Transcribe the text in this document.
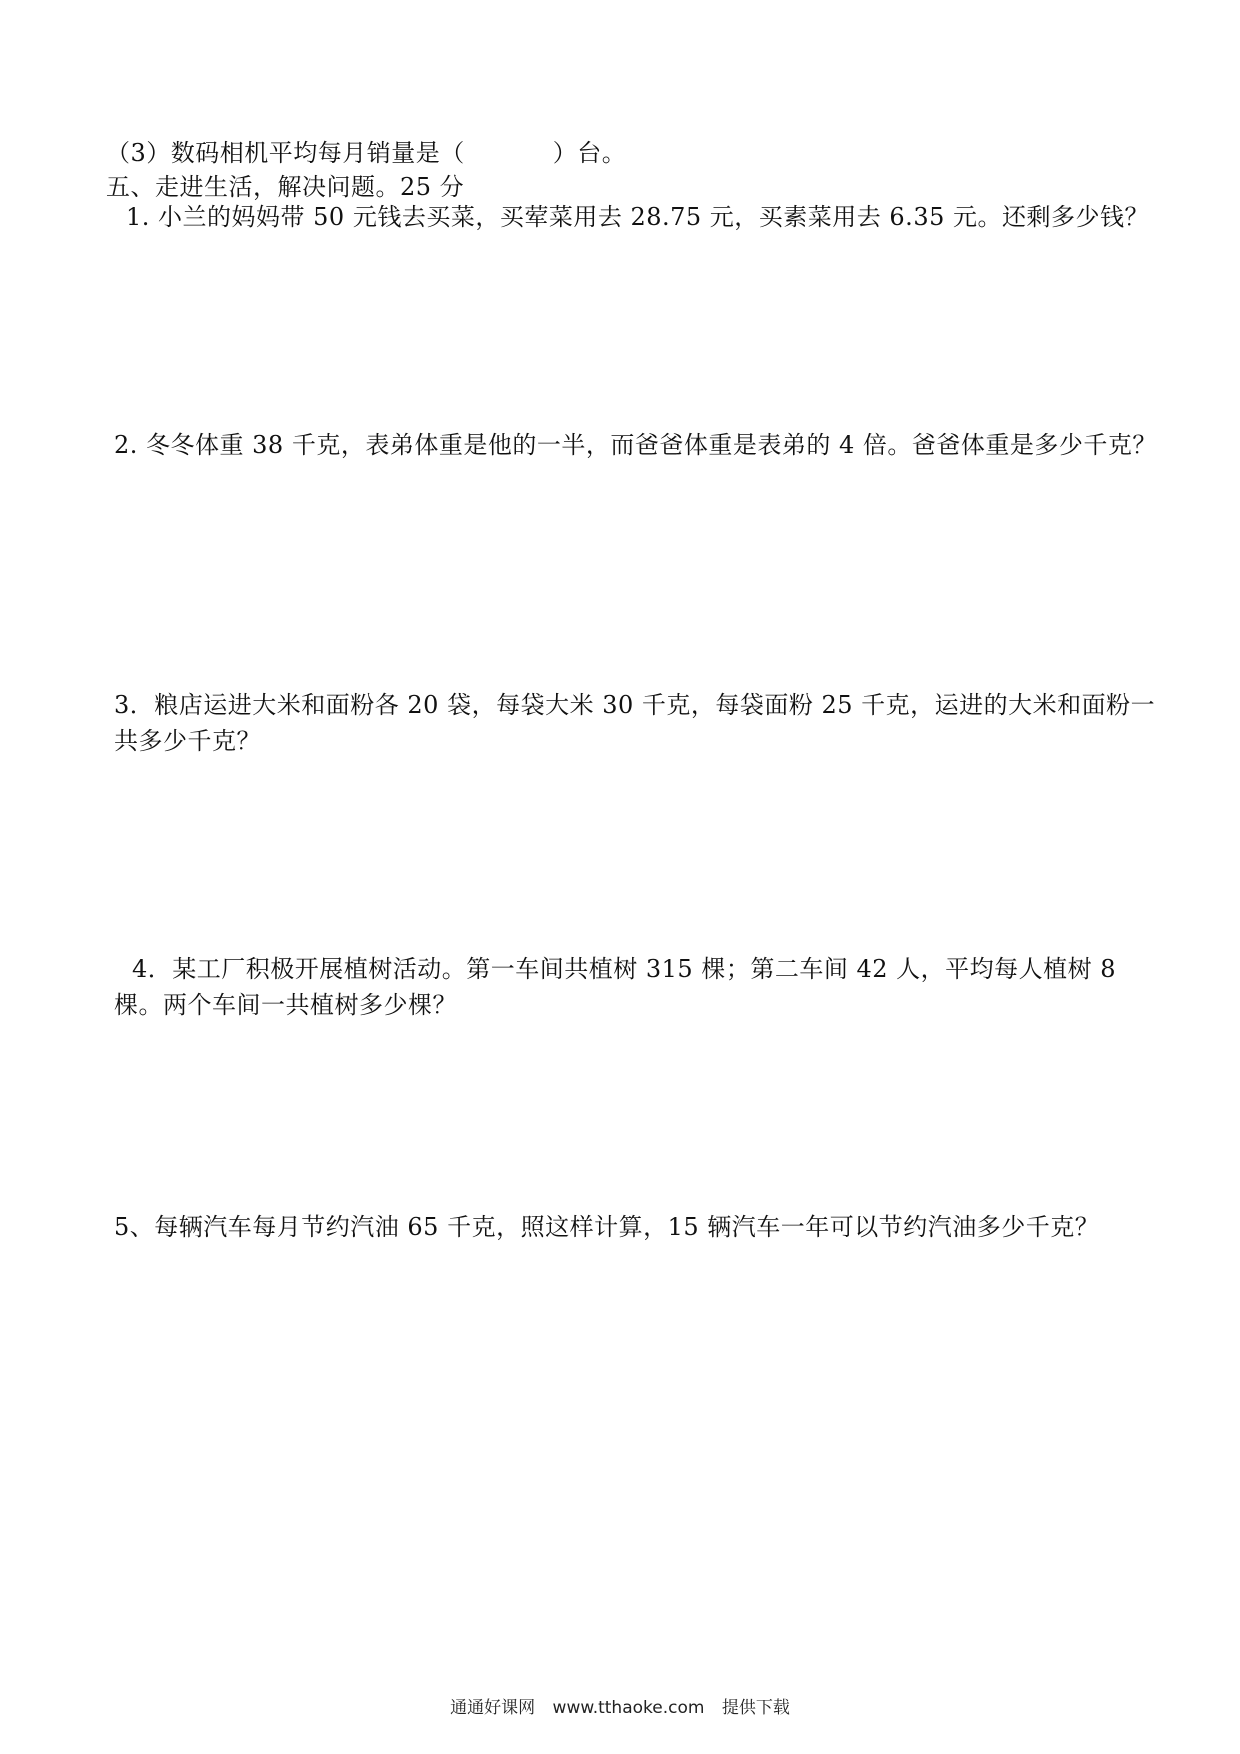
（3）数码相机平均每月销量是（	）台。
五、走进生活，解决问题。25 分
1. 小兰的妈妈带 50 元钱去买菜，买荤菜用去 28.75 元，买素菜用去 6.35 元。还剩多少钱？
2. 冬冬体重 38 千克，表弟体重是他的一半，而爸爸体重是表弟的 4 倍。爸爸体重是多少千克？
3．粮店运进大米和面粉各 20 袋，每袋大米 30 千克，每袋面粉 25 千克，运进的大米和面粉一
共多少千克？
4．某工厂积极开展植树活动。第一车间共植树 315 棵；第二车间 42 人，平均每人植树 8
棵。两个车间一共植树多少棵？
5、每辆汽车每月节约汽油 65 千克，照这样计算，15 辆汽车一年可以节约汽油多少千克？
通通好课网 www.tthaoke.com 提供下载
